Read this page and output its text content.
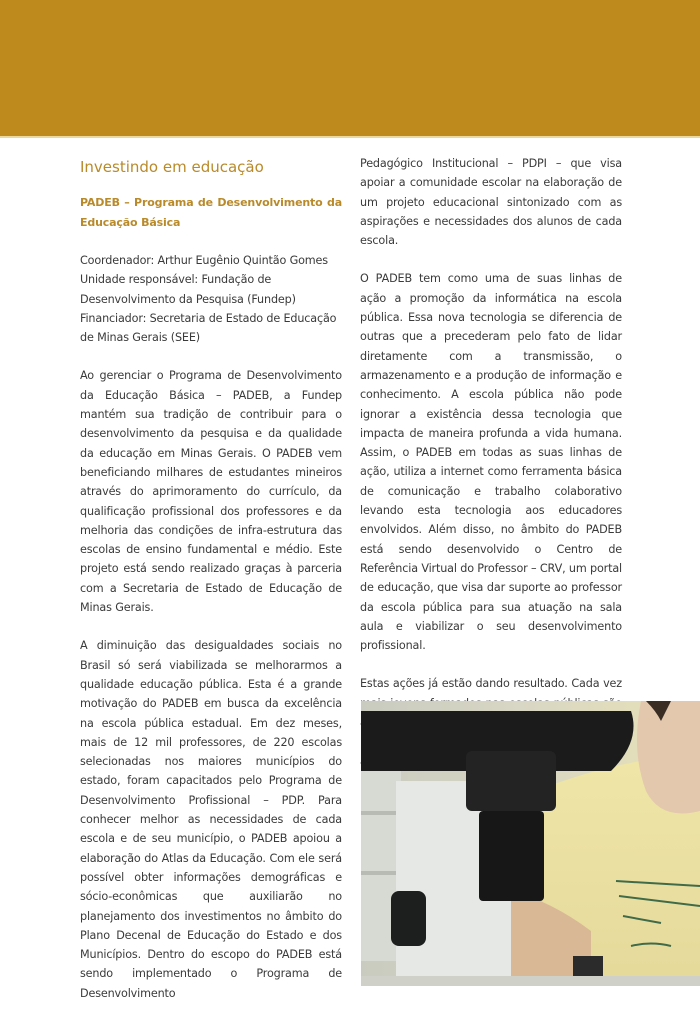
Investindo em educação
PADEB – Programa de Desenvolvimento da Educação Básica

Coordenador: Arthur Eugênio Quintão Gomes

Unidade responsável: Fundação de Desenvolvimento da Pesquisa (Fundep)

Financiador: Secretaria de Estado de Educação de Minas Gerais (SEE)

Ao gerenciar o Programa de Desenvolvimento da Educação Básica – PADEB, a Fundep mantém sua tradição de contribuir para o desenvolvimento da pesquisa e da qualidade da educação em Minas Gerais. O PADEB vem beneficiando milhares de estudantes mineiros através do aprimoramento do currículo, da qualificação profissional dos professores e da melhoria das condições de infra-estrutura das escolas de ensino fundamental e médio. Este projeto está sendo realizado graças à parceria com a Secretaria de Estado de Educação de Minas Gerais.

A diminuição das desigualdades sociais no Brasil só será viabilizada se melhorarmos a qualidade educação pública. Esta é a grande motivação do PADEB em busca da excelência na escola pública estadual. Em dez meses, mais de 12 mil professores, de 220 escolas selecionadas nos maiores municípios do estado, foram capacitados pelo Programa de Desenvolvimento Profissional – PDP. Para conhecer melhor as necessidades de cada escola e de seu município, o PADEB apoiou a elaboração do Atlas da Educação. Com ele será possível obter informações demográficas e sócio-econômicas que auxiliarão no planejamento dos investimentos no âmbito do Plano Decenal de Educação do Estado e dos Municípios. Dentro do escopo do PADEB está sendo implementado o Programa de Desenvolvimento

Pedagógico Institucional – PDPI – que visa apoiar a comunidade escolar na elaboração de um projeto educacional sintonizado com as aspirações e necessidades dos alunos de cada escola.

O PADEB tem como uma de suas linhas de ação a promoção da informática na escola pública. Essa nova tecnologia se diferencia de outras que a precederam pelo fato de lidar diretamente com a transmissão, o armazenamento e a produção de informação e conhecimento. A escola pública não pode ignorar a existência dessa tecnologia que impacta de maneira profunda a vida humana. Assim, o PADEB em todas as suas linhas de ação, utiliza a internet como ferramenta básica de comunicação e trabalho colaborativo levando esta tecnologia aos educadores envolvidos. Além disso, no âmbito do PADEB está sendo desenvolvido o Centro de Referência Virtual do Professor – CRV, um portal de educação, que visa dar suporte ao professor da escola pública para sua atuação na sala aula e viabilizar o seu desenvolvimento profissional.

Estas ações já estão dando resultado. Cada vez
